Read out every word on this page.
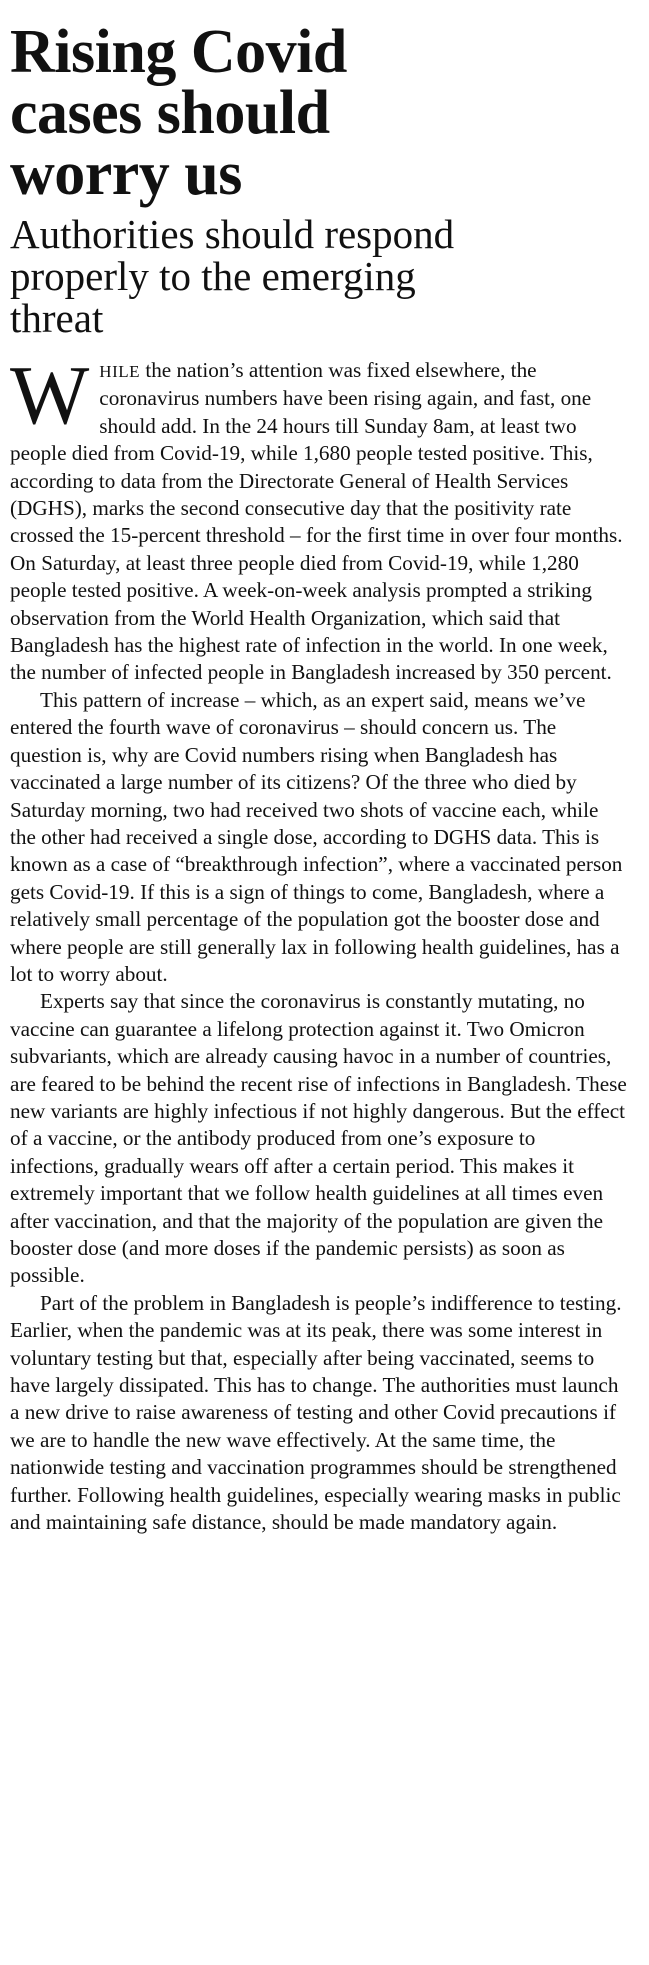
Rising Covid
cases should
worry us
Authorities should respond
properly to the emerging
threat

WHILE the nation’s attention was fixed elsewhere, the coronavirus numbers have been rising again, and fast, one should add. In the 24 hours till Sunday 8am, at least two people died from Covid-19, while 1,680 people tested positive. This, according to data from the Directorate General of Health Services (DGHS), marks the second consecutive day that the positivity rate crossed the 15-percent threshold – for the first time in over four months. On Saturday, at least three people died from Covid-19, while 1,280 people tested positive. A week-on-week analysis prompted a striking observation from the World Health Organization, which said that Bangladesh has the highest rate of infection in the world. In one week, the number of infected people in Bangladesh increased by 350 percent.

This pattern of increase – which, as an expert said, means we’ve entered the fourth wave of coronavirus – should concern us. The question is, why are Covid numbers rising when Bangladesh has vaccinated a large number of its citizens? Of the three who died by Saturday morning, two had received two shots of vaccine each, while the other had received a single dose, according to DGHS data. This is known as a case of “breakthrough infection”, where a vaccinated person gets Covid-19. If this is a sign of things to come, Bangladesh, where a relatively small percentage of the population got the booster dose and where people are still generally lax in following health guidelines, has a lot to worry about.

Experts say that since the coronavirus is constantly mutating, no vaccine can guarantee a lifelong protection against it. Two Omicron subvariants, which are already causing havoc in a number of countries, are feared to be behind the recent rise of infections in Bangladesh. These new variants are highly infectious if not highly dangerous. But the effect of a vaccine, or the antibody produced from one’s exposure to infections, gradually wears off after a certain period. This makes it extremely important that we follow health guidelines at all times even after vaccination, and that the majority of the population are given the booster dose (and more doses if the pandemic persists) as soon as possible.

Part of the problem in Bangladesh is people’s indifference to testing. Earlier, when the pandemic was at its peak, there was some interest in voluntary testing but that, especially after being vaccinated, seems to have largely dissipated. This has to change. The authorities must launch a new drive to raise awareness of testing and other Covid precautions if we are to handle the new wave effectively. At the same time, the nationwide testing and vaccination programmes should be strengthened further. Following health guidelines, especially wearing masks in public and maintaining safe distance, should be made mandatory again.
